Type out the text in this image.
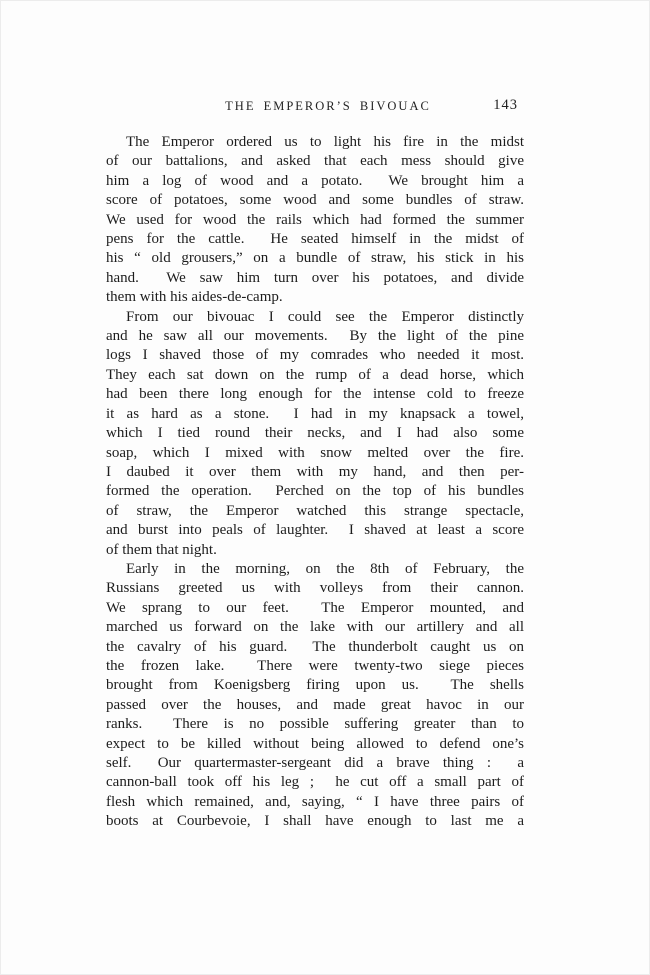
THE EMPEROR’S BIVOUAC	143
The Emperor ordered us to light his fire in the midst
of our battalions, and asked that each mess should give
him a log of wood and a potato.  We brought him a
score of potatoes, some wood and some bundles of straw.
We used for wood the rails which had formed the summer
pens for the cattle.  He seated himself in the midst of
his “ old grousers,” on a bundle of straw, his stick in his
hand.  We saw him turn over his potatoes, and divide
them with his aides-de-camp.
From our bivouac I could see the Emperor distinctly
and he saw all our movements.  By the light of the pine
logs I shaved those of my comrades who needed it most.
They each sat down on the rump of a dead horse, which
had been there long enough for the intense cold to freeze
it as hard as a stone.  I had in my knapsack a towel,
which I tied round their necks, and I had also some
soap, which I mixed with snow melted over the fire.
I daubed it over them with my hand, and then per-
formed the operation.  Perched on the top of his bundles
of straw, the Emperor watched this strange spectacle,
and burst into peals of laughter.  I shaved at least a score
of them that night.
Early in the morning, on the 8th of February, the
Russians greeted us with volleys from their cannon.
We sprang to our feet.  The Emperor mounted, and
marched us forward on the lake with our artillery and all
the cavalry of his guard.  The thunderbolt caught us on
the frozen lake.  There were twenty-two siege pieces
brought from Koenigsberg firing upon us.  The shells
passed over the houses, and made great havoc in our
ranks.  There is no possible suffering greater than to
expect to be killed without being allowed to defend one’s
self.  Our quartermaster-sergeant did a brave thing :  a
cannon-ball took off his leg ;  he cut off a small part of
flesh which remained, and, saying, “ I have three pairs of
boots at Courbevoie, I shall have enough to last me a
